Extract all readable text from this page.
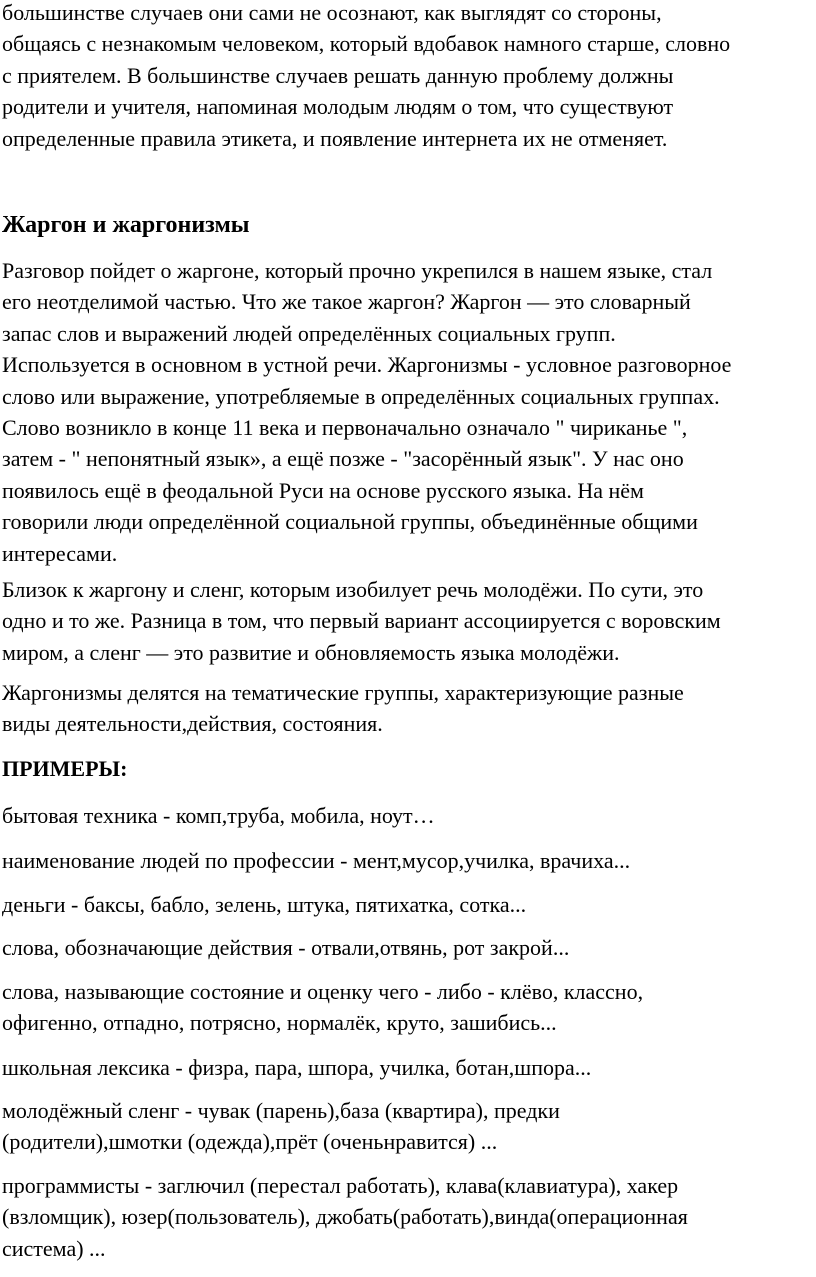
большинстве случаев они сами не осознают, как выглядят со стороны,
общаясь с незнакомым человеком, который вдобавок намного старше, словно
с приятелем. В большинстве случаев решать данную проблему должны
родители и учителя, напоминая молодым людям о том, что существуют
определенные правила этикета, и появление интернета их не отменяет.
Жаргон и жаргонизмы
Разговор пойдет о жаргоне, который прочно укрепился в нашем языке, стал
его неотделимой частью. Что же такое жаргон? Жаргон — это словарный
запас слов и выражений людей определённых социальных групп.
Используется в основном в устной речи. Жаргонизмы - условное разговорное
слово или выражение, употребляемые в определённых социальных группах.
Слово возникло в конце 11 века и первоначально означало " чириканье ",
затем - " непонятный язык», а ещё позже - "засорённый язык". У нас оно
появилось ещё в феодальной Руси на основе русского языка. На нём
говорили люди определённой социальной группы, объединённые общими
интересами.
Близок к жаргону и сленг, которым изобилует речь молодёжи. По сути, это
одно и то же. Разница в том, что первый вариант ассоциируется с воровским
миром, а сленг — это развитие и обновляемость языка молодёжи.
Жаргонизмы делятся на тематические группы, характеризующие разные
виды деятельности,действия, состояния.
ПРИМЕРЫ:
бытовая техника - комп,труба, мобила, ноут…
наименование людей по профессии - мент,мусор,училка, врачиха...
деньги - баксы, бабло, зелень, штука, пятихатка, сотка...
слова, обозначающие действия - отвали,отвянь, рот закрой...
слова, называющие состояние и оценку чего - либо - клёво, классно,
офигенно, отпадно, потрясно, нормалёк, круто, зашибись...
школьная лексика - физра, пара, шпора, училка, ботан,шпора...
молодёжный сленг - чувак (парень),база (квартира), предки
(родители),шмотки (одежда),прёт (оченьнравится) ...
программисты - заглючил (перестал работать), клава(клавиатура), хакер
(взломщик), юзер(пользователь), джобать(работать),винда(операционная
система) ...
